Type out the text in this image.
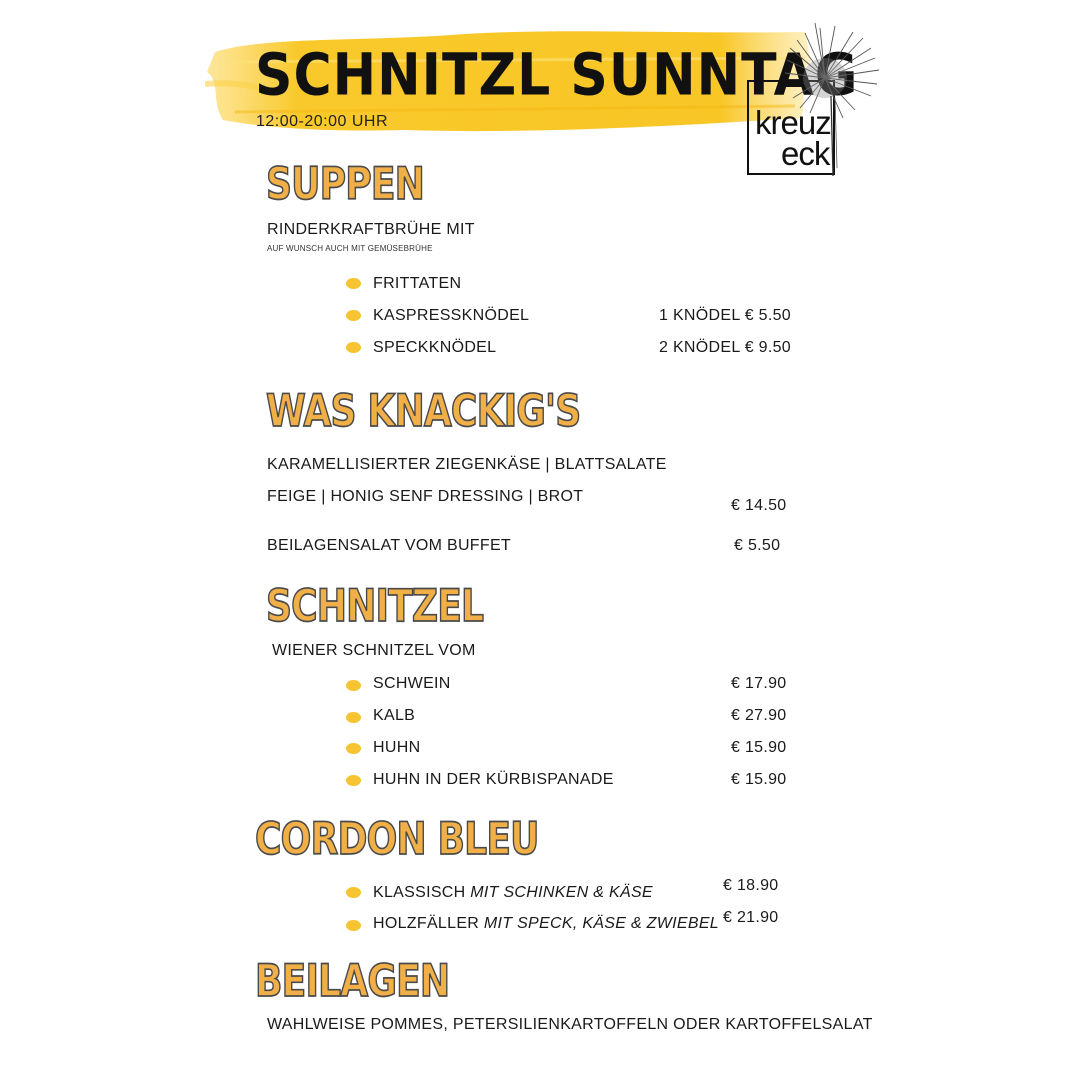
SCHNITZL SUNNTAG
12:00-20:00 UHR	kreuz
eck
SUPPEN
RINDERKRAFTBRÜHE MIT
AUF WUNSCH AUCH MIT GEMÜSEBRÜHE
FRITTATEN
KASPRESSKNÖDEL	1 KNÖDEL € 5.50
SPECKKNÖDEL	2 KNÖDEL € 9.50
WAS KNACKIG'S
KARAMELLISIERTER ZIEGENKÄSE | BLATTSALATE
FEIGE | HONIG SENF DRESSING | BROT
€ 14.50
BEILAGENSALAT VOM BUFFET	€ 5.50
SCHNITZEL
WIENER SCHNITZEL VOM
SCHWEIN	€ 17.90
KALB	€ 27.90
HUHN	€ 15.90
HUHN IN DER KÜRBISPANADE	€ 15.90
CORDON BLEU
KLASSISCH MIT SCHINKEN & KÄSE	€ 18.90
HOLZFÄLLER MIT SPECK, KÄSE & ZWIEBEL € 21.90
BEILAGEN
WAHLWEISE POMMES, PETERSILIENKARTOFFELN ODER KARTOFFELSALAT
